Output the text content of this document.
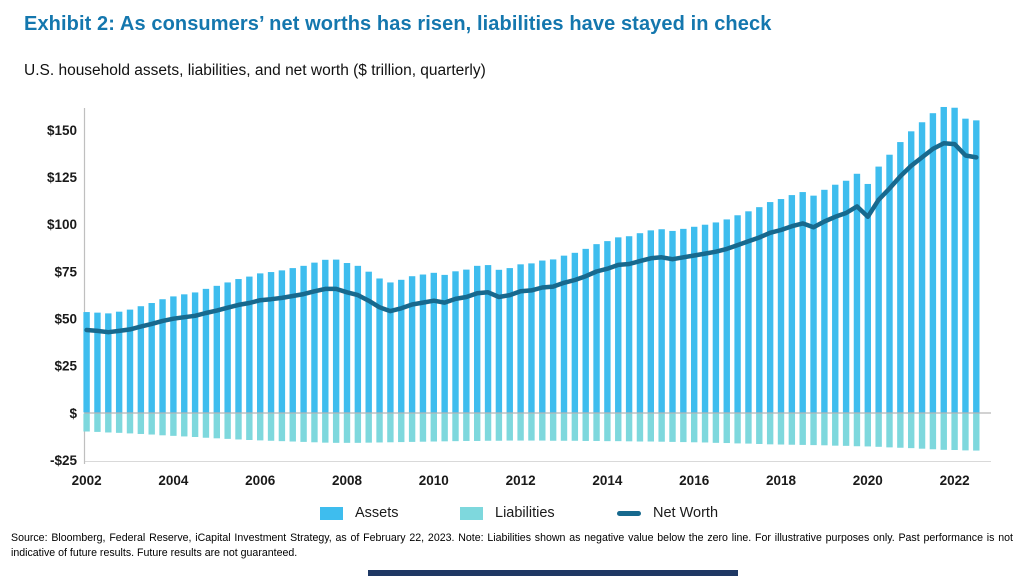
Exhibit 2: As consumers’ net worths has risen, liabilities have stayed in check

U.S. household assets, liabilities, and net worth ($ trillion, quarterly)

$150
$125
$100
$75
$50
$25
$
-$25
2002	2004	2006	2008	2010	2012	2014	2016	2018	2020	2022
Assets	Liabilities	Net Worth

Source: Bloomberg, Federal Reserve, iCapital Investment Strategy, as of February 22, 2023. Note: Liabilities shown as negative value below the zero line. For illustrative purposes only. Past performance is not indicative of future results. Future results are not guaranteed.
